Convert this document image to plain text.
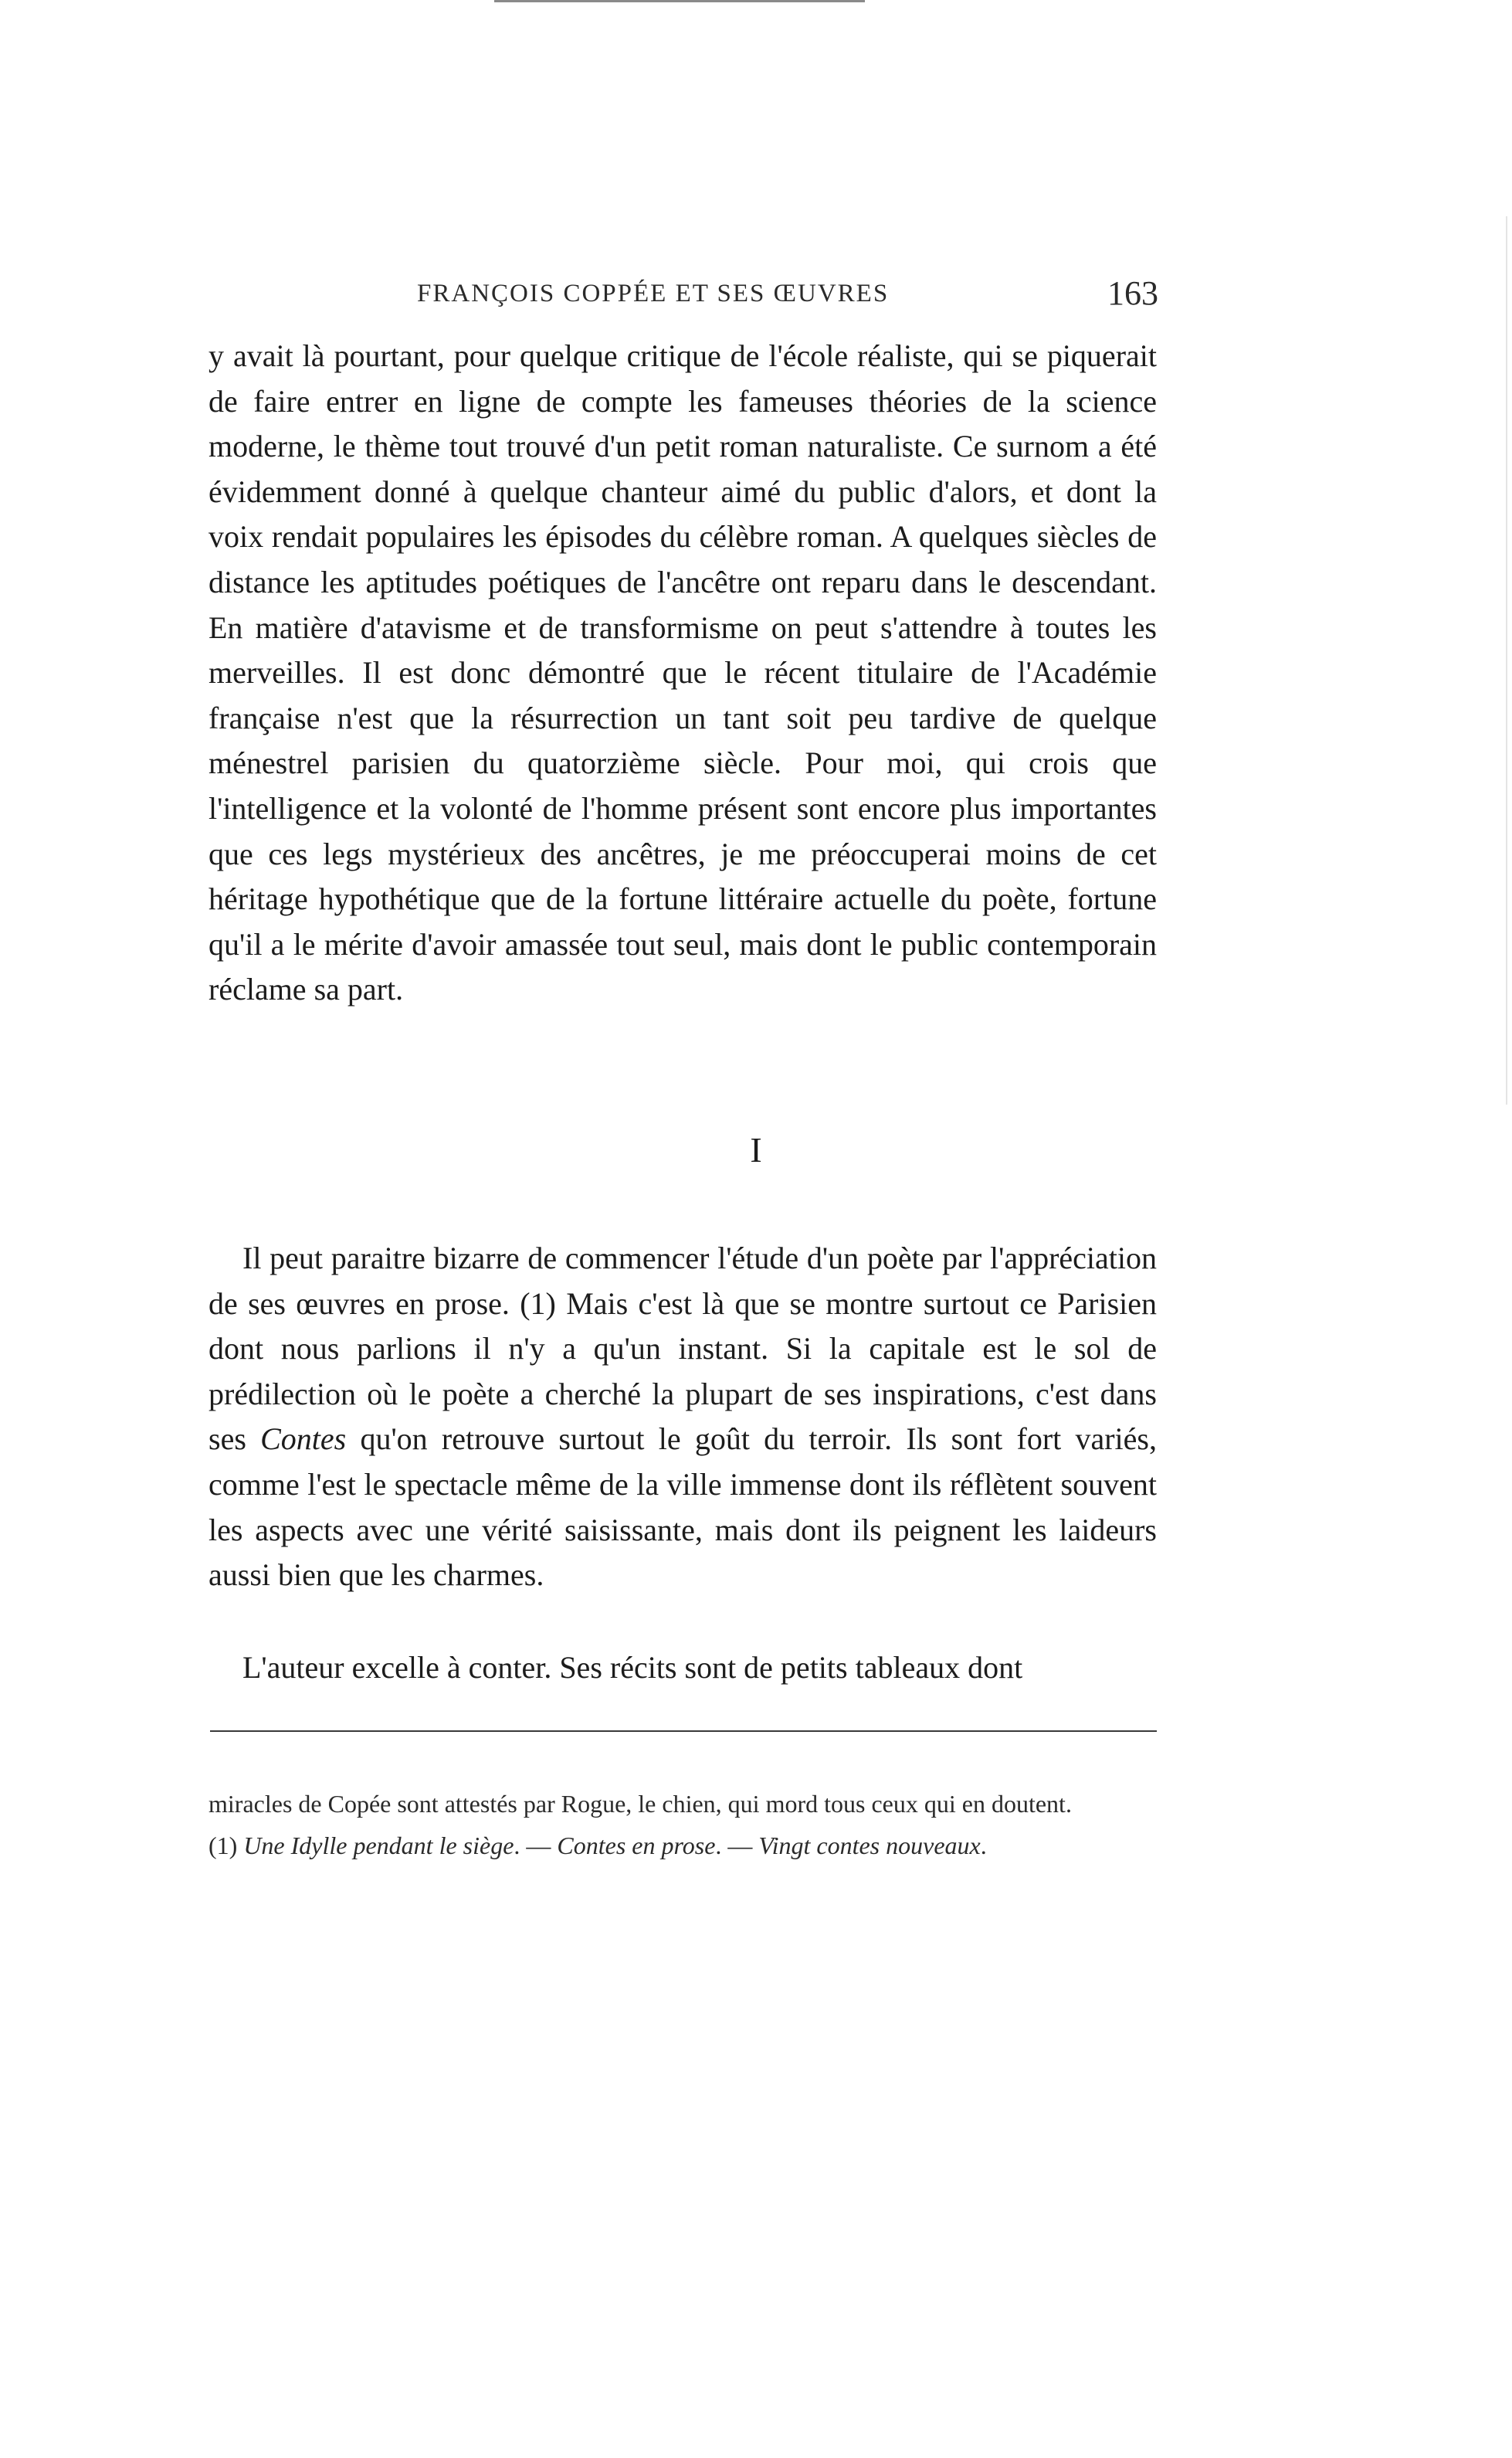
FRANÇOIS COPPÉE ET SES ŒUVRES	163

y avait là pourtant, pour quelque critique de l'école réaliste, qui se piquerait de faire entrer en ligne de compte les fameuses théories de la science moderne, le thème tout trouvé d'un petit roman naturaliste. Ce surnom a été évidemment donné à quelque chanteur aimé du public d'alors, et dont la voix rendait populaires les épisodes du célèbre roman. A quelques siècles de distance les aptitudes poétiques de l'ancêtre ont reparu dans le descendant. En matière d'atavisme et de transformisme on peut s'attendre à toutes les merveilles. Il est donc démontré que le récent titulaire de l'Académie française n'est que la résurrection un tant soit peu tardive de quelque ménestrel parisien du quatorzième siècle. Pour moi, qui crois que l'intelligence et la volonté de l'homme présent sont encore plus importantes que ces legs mystérieux des ancêtres, je me préoccuperai moins de cet héritage hypothétique que de la fortune littéraire actuelle du poète, fortune qu'il a le mérite d'avoir amassée tout seul, mais dont le public contemporain réclame sa part.

I

Il peut paraitre bizarre de commencer l'étude d'un poète par l'appréciation de ses œuvres en prose. (1) Mais c'est là que se montre surtout ce Parisien dont nous parlions il n'y a qu'un instant. Si la capitale est le sol de prédilection où le poète a cherché la plupart de ses inspirations, c'est dans ses Contes qu'on retrouve surtout le goût du terroir. Ils sont fort variés, comme l'est le spectacle même de la ville immense dont ils réflètent souvent les aspects avec une vérité saisissante, mais dont ils peignent les laideurs aussi bien que les charmes.

L'auteur excelle à conter. Ses récits sont de petits tableaux dont

miracles de Copée sont attestés par Rogue, le chien, qui mord tous ceux qui en doutent.

(1) Une Idylle pendant le siège. — Contes en prose. — Vingt contes nouveaux.
